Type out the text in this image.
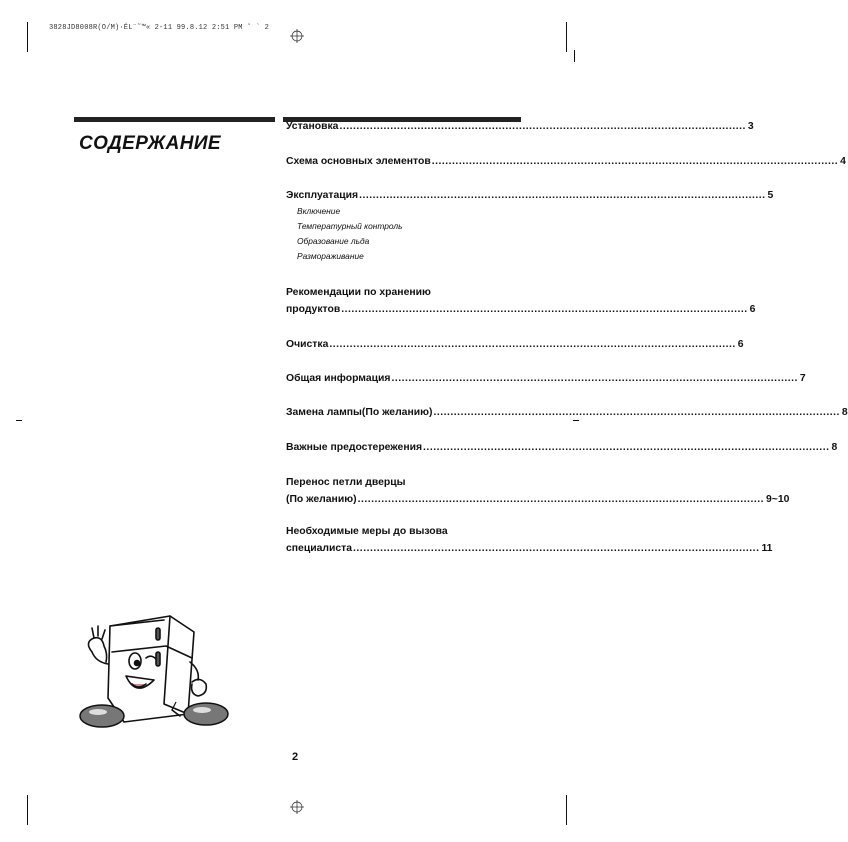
3828JD8008R(O/M)·ÉL¨˜™« 2-11 99.8.12 2:51 PM ˘ ` 2
СОДЕРЖАНИЕ
Установка ........................................................................................................................ 3
Схема основных элементов ........................................................................................................................ 4
Эксплуатация ........................................................................................................................ 5
Включение
Температурный контроль
Образование льда
Размораживание
Рекомендации по хранению
продуктов ........................................................................................................................ 6
Очистка ........................................................................................................................ 6
Общая информация ........................................................................................................................ 7
Замена лампы(По желанию) ........................................................................................................................ 8
Важные предостережения ........................................................................................................................ 8
Перенос петли дверцы
(По желанию) ........................................................................................................................ 9~10
Необходимые меры до вызова
специалиста ........................................................................................................................ 11
2
